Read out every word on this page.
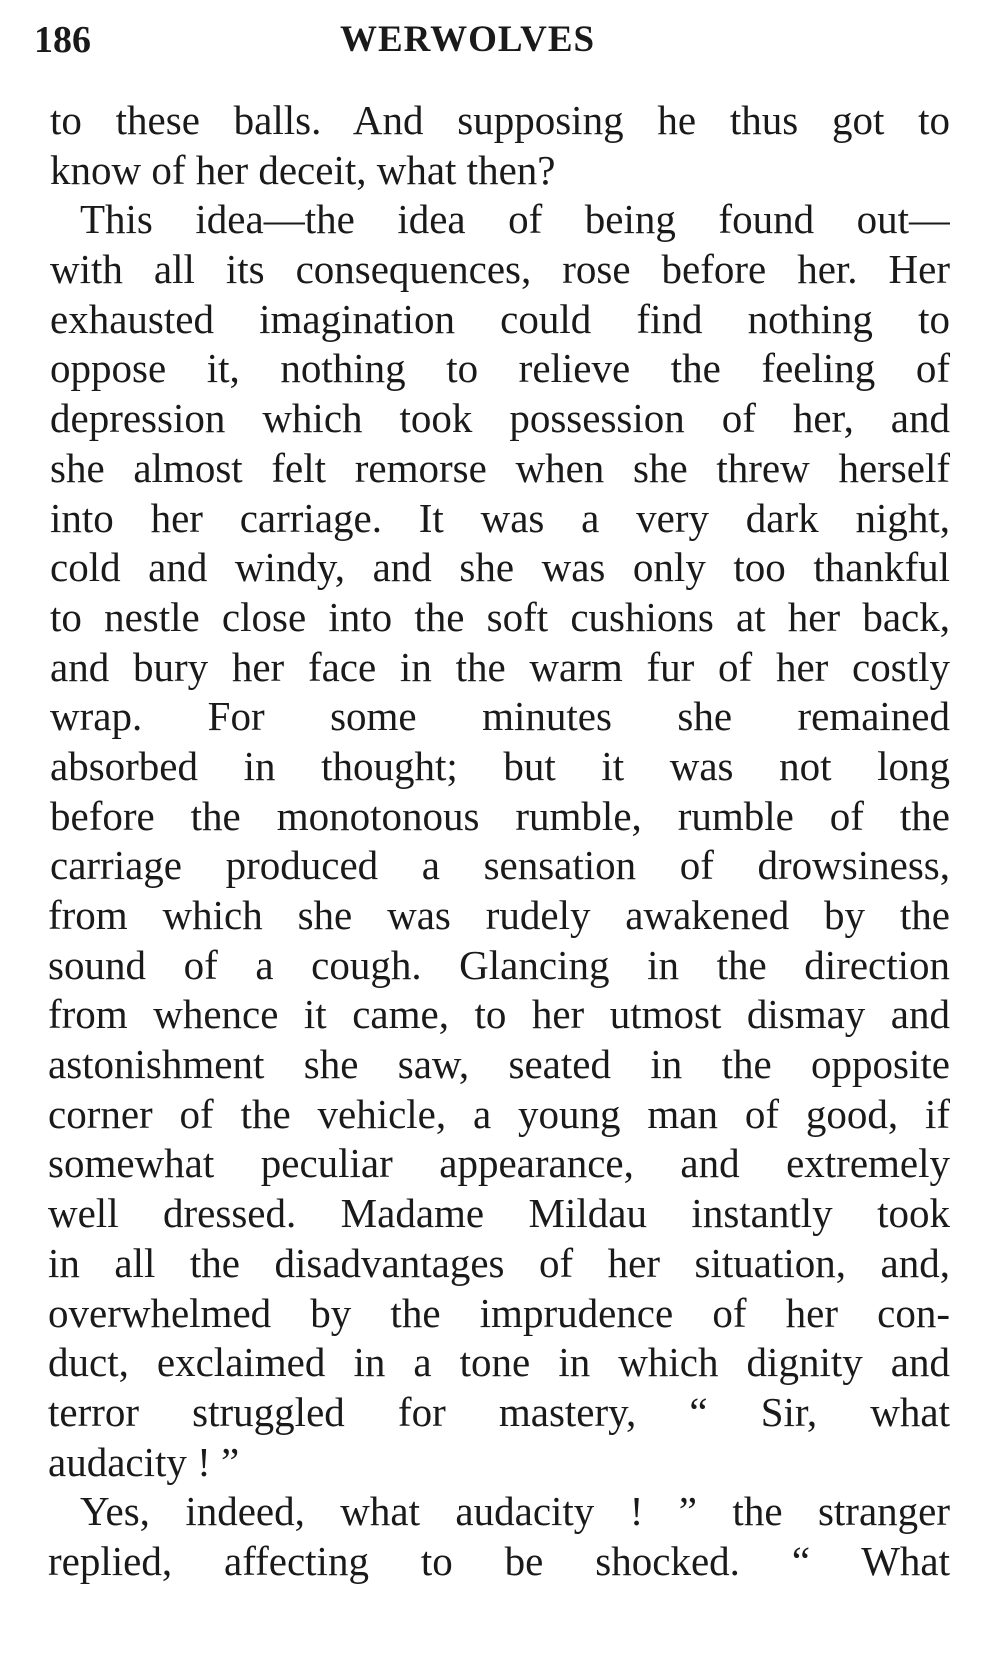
186	WERWOLVES
to these balls. And supposing he thus got to
know of her deceit, what then?
This idea—the idea of being found out—
with all its consequences, rose before her. Her
exhausted imagination could find nothing to
oppose it, nothing to relieve the feeling of
depression which took possession of her, and
she almost felt remorse when she threw herself
into her carriage. It was a very dark night,
cold and windy, and she was only too thankful
to nestle close into the soft cushions at her back,
and bury her face in the warm fur of her costly
wrap. For some minutes she remained
absorbed in thought; but it was not long
before the monotonous rumble, rumble of the
carriage produced a sensation of drowsiness,
from which she was rudely awakened by the
sound of a cough. Glancing in the direction
from whence it came, to her utmost dismay and
astonishment she saw, seated in the opposite
corner of the vehicle, a young man of good, if
somewhat peculiar appearance, and extremely
well dressed. Madame Mildau instantly took
in all the disadvantages of her situation, and,
overwhelmed by the imprudence of her con-
duct, exclaimed in a tone in which dignity and
terror struggled for mastery, “ Sir, what
audacity ! ”
Yes, indeed, what audacity ! ” the stranger
replied, affecting to be shocked. “ What
